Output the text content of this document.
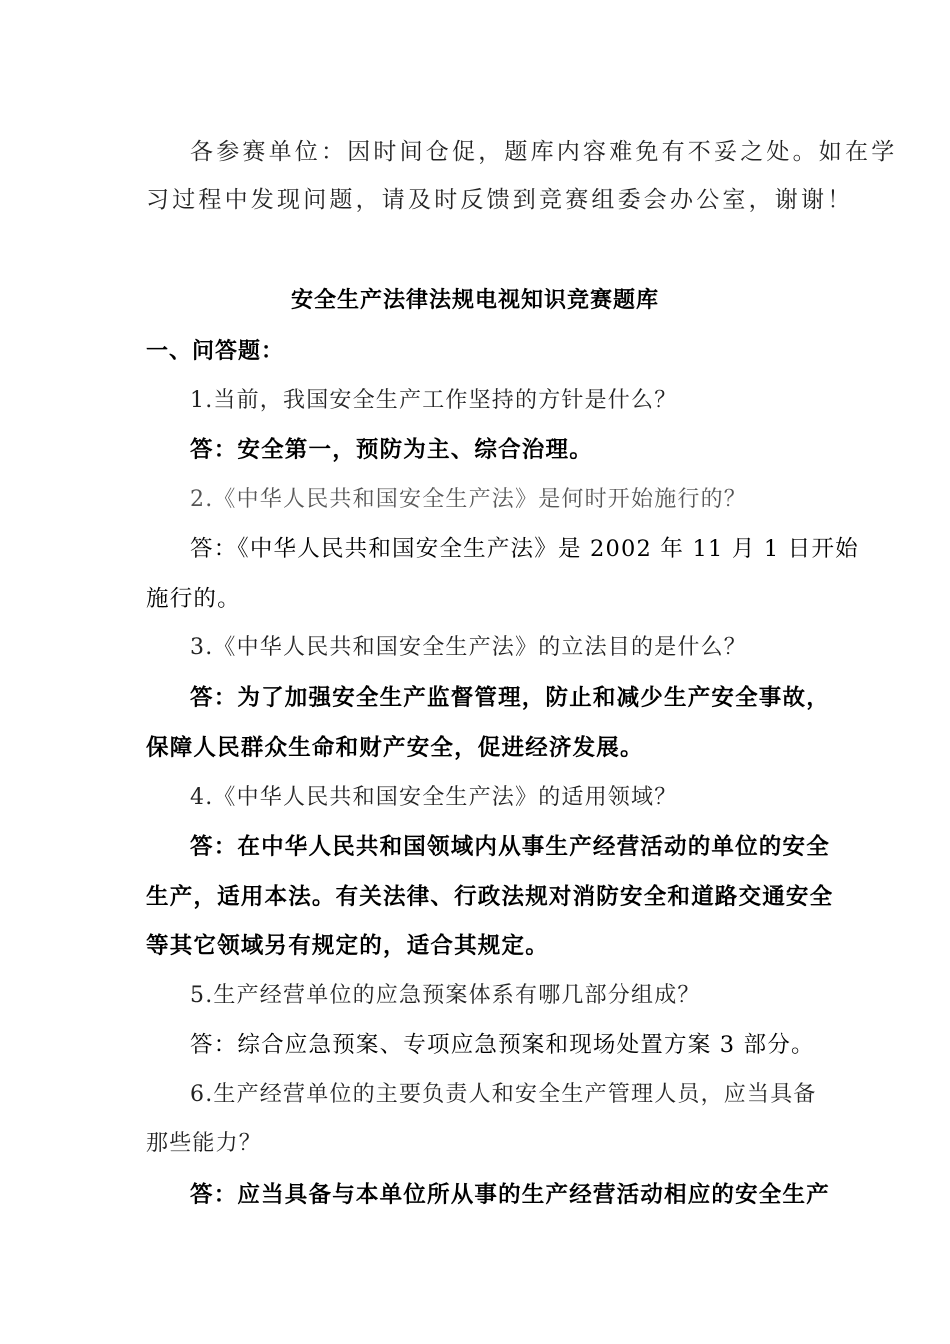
各参赛单位：因时间仓促，题库内容难免有不妥之处。如在学
习过程中发现问题，请及时反馈到竞赛组委会办公室，谢谢！
安全生产法律法规电视知识竞赛题库
一、问答题：
1.当前，我国安全生产工作坚持的方针是什么？
答：安全第一，预防为主、综合治理。
2.《中华人民共和国安全生产法》是何时开始施行的？
答：《中华人民共和国安全生产法》是 2002 年 11 月 1 日开始
施行的。
3.《中华人民共和国安全生产法》的立法目的是什么？
答：为了加强安全生产监督管理，防止和减少生产安全事故，
保障人民群众生命和财产安全，促进经济发展。
4.《中华人民共和国安全生产法》的适用领域？
答：在中华人民共和国领域内从事生产经营活动的单位的安全
生产，适用本法。有关法律、行政法规对消防安全和道路交通安全
等其它领域另有规定的，适合其规定。
5.生产经营单位的应急预案体系有哪几部分组成？
答：综合应急预案、专项应急预案和现场处置方案 3 部分。
6.生产经营单位的主要负责人和安全生产管理人员，应当具备
那些能力？
答：应当具备与本单位所从事的生产经营活动相应的安全生产
